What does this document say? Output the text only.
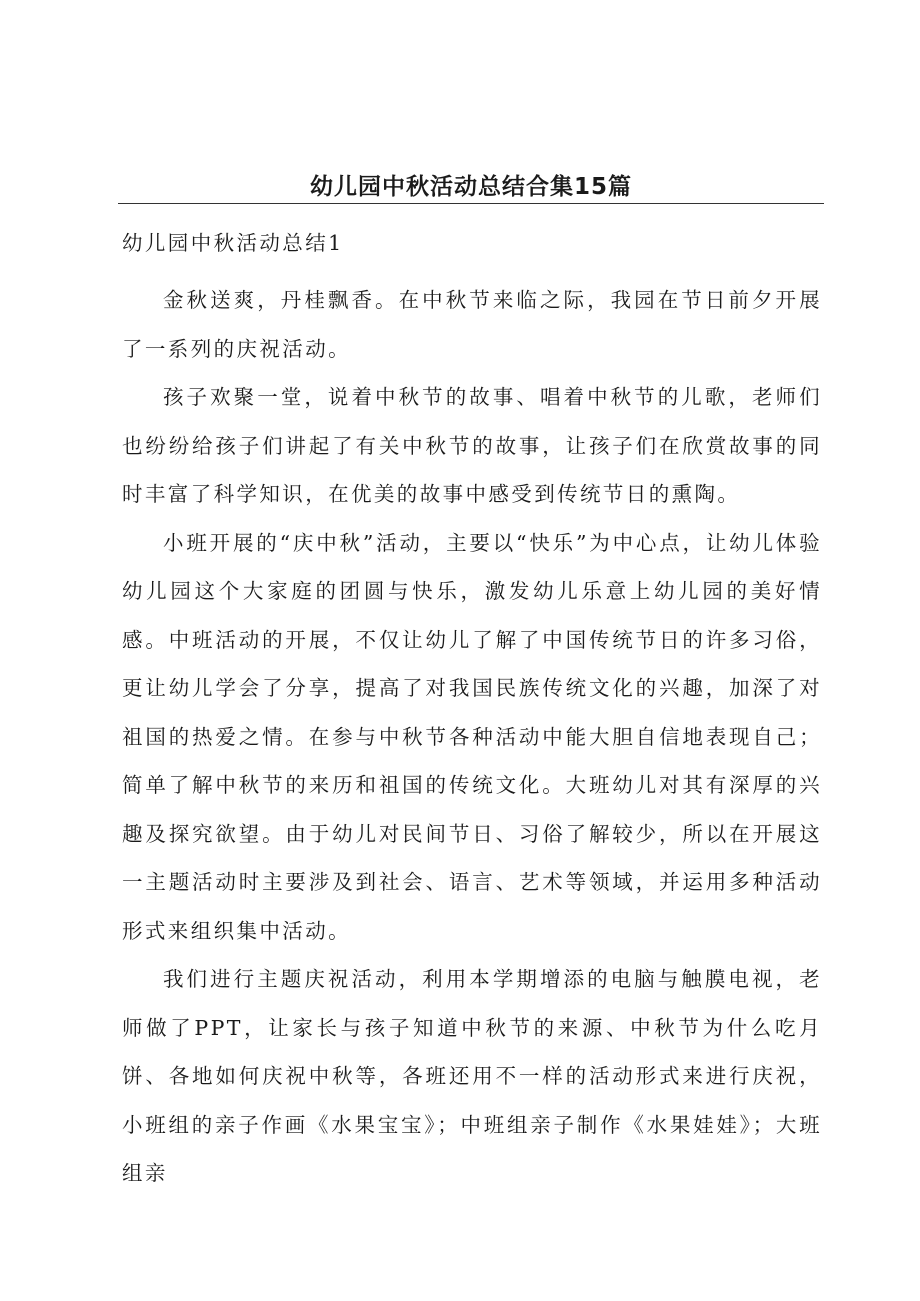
幼儿园中秋活动总结合集15篇
幼儿园中秋活动总结1

金秋送爽，丹桂飘香。在中秋节来临之际，我园在节日前夕开展了一系列的庆祝活动。

孩子欢聚一堂，说着中秋节的故事、唱着中秋节的儿歌，老师们也纷纷给孩子们讲起了有关中秋节的故事，让孩子们在欣赏故事的同时丰富了科学知识，在优美的故事中感受到传统节日的熏陶。

小班开展的“庆中秋”活动，主要以“快乐”为中心点，让幼儿体验幼儿园这个大家庭的团圆与快乐，激发幼儿乐意上幼儿园的美好情感。中班活动的开展，不仅让幼儿了解了中国传统节日的许多习俗，更让幼儿学会了分享，提高了对我国民族传统文化的兴趣，加深了对祖国的热爱之情。在参与中秋节各种活动中能大胆自信地表现自己；简单了解中秋节的来历和祖国的传统文化。大班幼儿对其有深厚的兴趣及探究欲望。由于幼儿对民间节日、习俗了解较少，所以在开展这一主题活动时主要涉及到社会、语言、艺术等领域，并运用多种活动形式来组织集中活动。

我们进行主题庆祝活动，利用本学期增添的电脑与触膜电视，老师做了PPT，让家长与孩子知道中秋节的来源、中秋节为什么吃月饼、各地如何庆祝中秋等，各班还用不一样的活动形式来进行庆祝，小班组的亲子作画《水果宝宝》；中班组亲子制作《水果娃娃》；大班组亲
